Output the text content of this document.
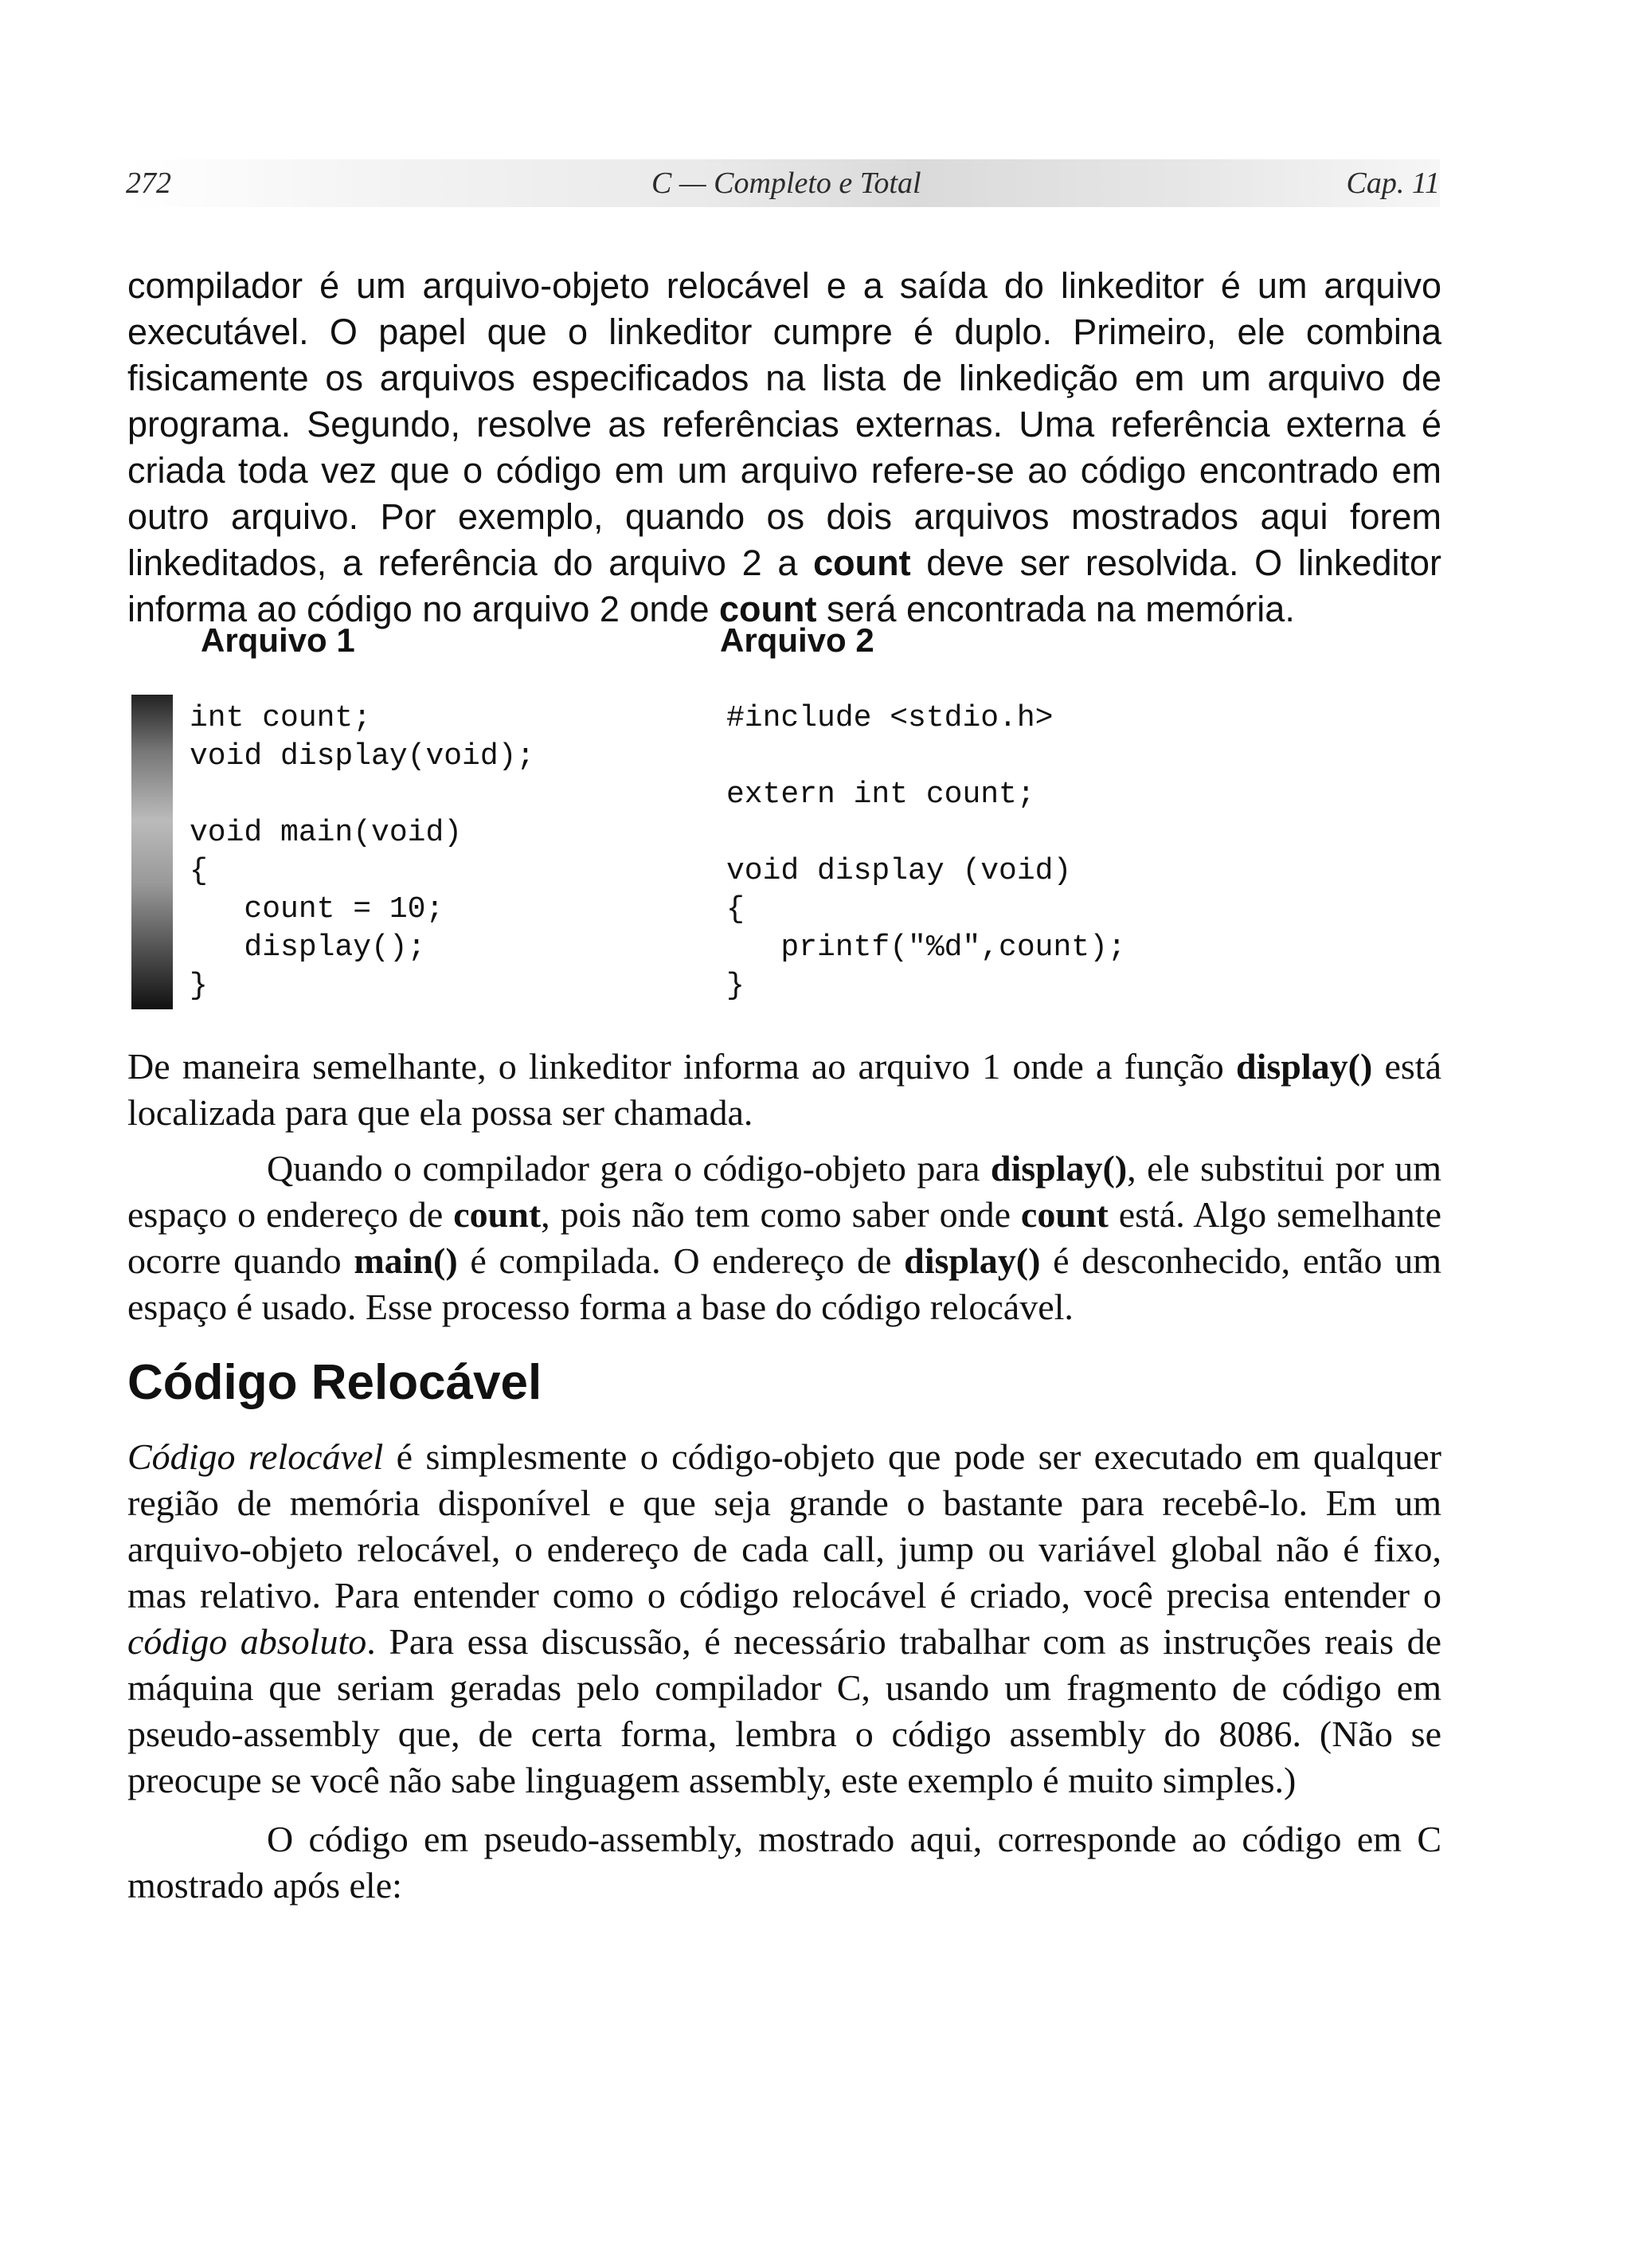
272	C — Completo e Total	Cap. 11

compilador é um arquivo-objeto relocável e a saída do linkeditor é um arquivo executável. O papel que o linkeditor cumpre é duplo. Primeiro, ele combina fisicamente os arquivos especificados na lista de linkedição em um arquivo de programa. Segundo, resolve as referências externas. Uma referência externa é criada toda vez que o código em um arquivo refere-se ao código encontrado em outro arquivo. Por exemplo, quando os dois arquivos mostrados aqui forem linkeditados, a referência do arquivo 2 a count deve ser resolvida. O linkeditor informa ao código no arquivo 2 onde count será encontrada na memória.

Arquivo 1	Arquivo 2
int count;
void display(void);

void main(void)
{
count = 10;
display();
}
#include <stdio.h>

extern int count;

void display (void)
{
printf("%d",count);
}

De maneira semelhante, o linkeditor informa ao arquivo 1 onde a função display() está localizada para que ela possa ser chamada.

Quando o compilador gera o código-objeto para display(), ele substitui por um espaço o endereço de count, pois não tem como saber onde count está. Algo semelhante ocorre quando main() é compilada. O endereço de display() é desconhecido, então um espaço é usado. Esse processo forma a base do código relocável.

Código Relocável

Código relocável é simplesmente o código-objeto que pode ser executado em qualquer região de memória disponível e que seja grande o bastante para recebê-lo. Em um arquivo-objeto relocável, o endereço de cada call, jump ou variável global não é fixo, mas relativo. Para entender como o código relocável é criado, você precisa entender o código absoluto. Para essa discussão, é necessário trabalhar com as instruções reais de máquina que seriam geradas pelo compilador C, usando um fragmento de código em pseudo-assembly que, de certa forma, lembra o código assembly do 8086. (Não se preocupe se você não sabe linguagem assembly, este exemplo é muito simples.)

O código em pseudo-assembly, mostrado aqui, corresponde ao código em C mostrado após ele:
